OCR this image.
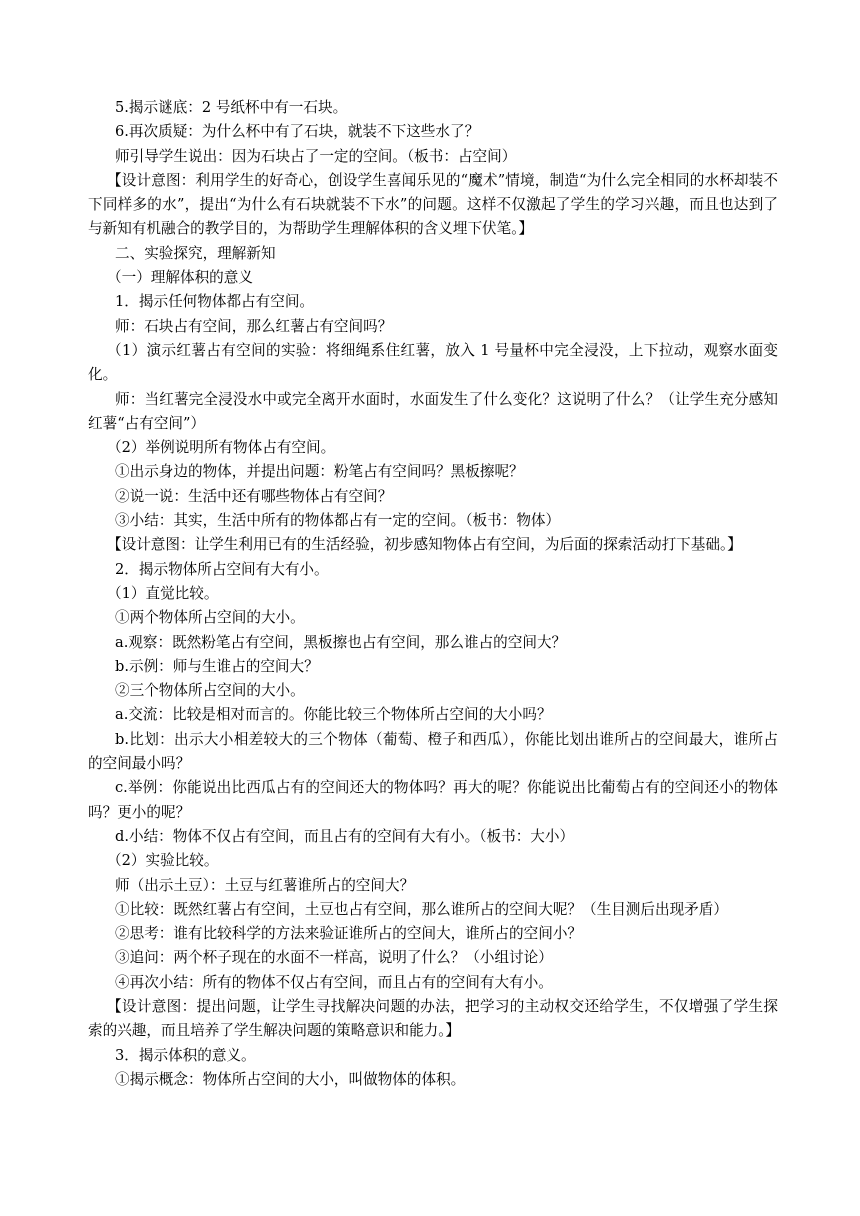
5.揭示谜底：2 号纸杯中有一石块。

6.再次质疑：为什么杯中有了石块，就装不下这些水了？

师引导学生说出：因为石块占了一定的空间。（板书：占空间）

【设计意图：利用学生的好奇心，创设学生喜闻乐见的“魔术”情境，制造“为什么完全相同的水杯却装不下同样多的水”，提出“为什么有石块就装不下水”的问题。这样不仅激起了学生的学习兴趣，而且也达到了与新知有机融合的教学目的，为帮助学生理解体积的含义埋下伏笔。】

二、实验探究，理解新知

（一）理解体积的意义

1．揭示任何物体都占有空间。

师：石块占有空间，那么红薯占有空间吗？

（1）演示红薯占有空间的实验：将细绳系住红薯，放入 1 号量杯中完全浸没，上下拉动，观察水面变化。

师：当红薯完全浸没水中或完全离开水面时，水面发生了什么变化？这说明了什么？（让学生充分感知红薯“占有空间”）

（2）举例说明所有物体占有空间。

①出示身边的物体，并提出问题：粉笔占有空间吗？黑板擦呢？

②说一说：生活中还有哪些物体占有空间？

③小结：其实，生活中所有的物体都占有一定的空间。（板书：物体）

【设计意图：让学生利用已有的生活经验，初步感知物体占有空间，为后面的探索活动打下基础。】

2．揭示物体所占空间有大有小。

（1）直觉比较。

①两个物体所占空间的大小。

a.观察：既然粉笔占有空间，黑板擦也占有空间，那么谁占的空间大？

b.示例：师与生谁占的空间大？

②三个物体所占空间的大小。

a.交流：比较是相对而言的。你能比较三个物体所占空间的大小吗？

b.比划：出示大小相差较大的三个物体（葡萄、橙子和西瓜），你能比划出谁所占的空间最大，谁所占的空间最小吗？

c.举例：你能说出比西瓜占有的空间还大的物体吗？再大的呢？你能说出比葡萄占有的空间还小的物体吗？更小的呢？

d.小结：物体不仅占有空间，而且占有的空间有大有小。（板书：大小）

（2）实验比较。

师（出示土豆）：土豆与红薯谁所占的空间大？

①比较：既然红薯占有空间，土豆也占有空间，那么谁所占的空间大呢？（生目测后出现矛盾）

②思考：谁有比较科学的方法来验证谁所占的空间大，谁所占的空间小？

③追问：两个杯子现在的水面不一样高，说明了什么？（小组讨论）

④再次小结：所有的物体不仅占有空间，而且占有的空间有大有小。

【设计意图：提出问题，让学生寻找解决问题的办法，把学习的主动权交还给学生，不仅增强了学生探索的兴趣，而且培养了学生解决问题的策略意识和能力。】

3．揭示体积的意义。

①揭示概念：物体所占空间的大小，叫做物体的体积。
